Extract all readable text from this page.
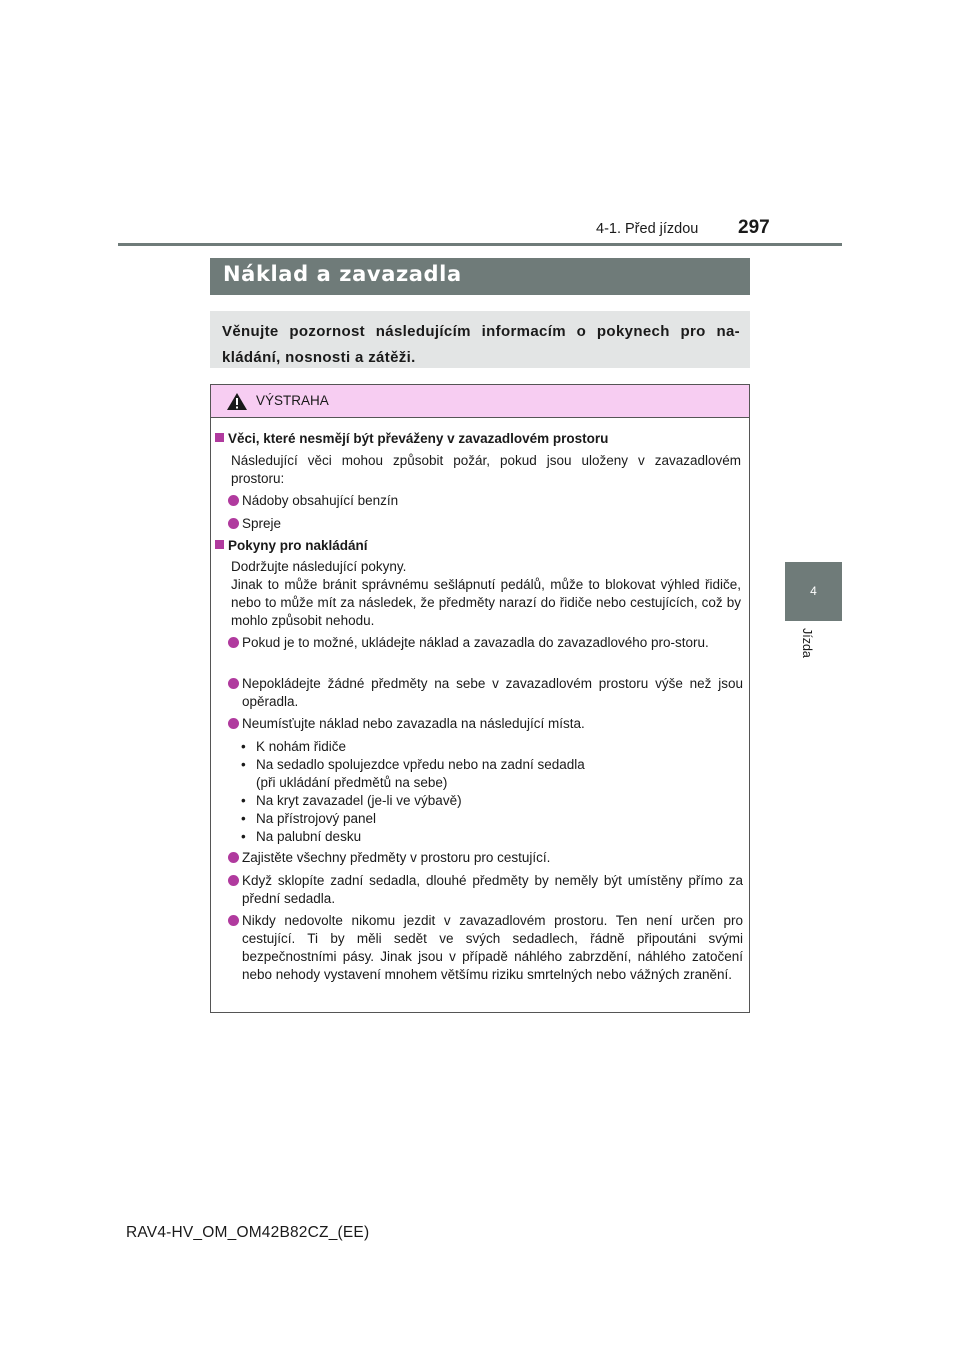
297
4-1. Před jízdou
4
Jízda
Náklad a zavazadla
Věnujte pozornost následujícím informacím o pokynech pro na-kládání, nosnosti a zátěži.
VÝSTRAHA
Věci, které nesmějí být převáženy v zavazadlovém prostoru
Následující věci mohou způsobit požár, pokud jsou uloženy v zavazadlovém prostoru:
Nádoby obsahující benzín
Spreje
Pokyny pro nakládání
Dodržujte následující pokyny.
Jinak to může bránit správnému sešlápnutí pedálů, může to blokovat výhled řidiče, nebo to může mít za následek, že předměty narazí do řidiče nebo cestujících, což by mohlo způsobit nehodu.
Pokud je to možné, ukládejte náklad a zavazadla do zavazadlového pro-storu.
Nepokládejte žádné předměty na sebe v zavazadlovém prostoru výše než jsou opěradla.
Neumísťujte náklad nebo zavazadla na následující místa.
• K nohám řidiče
• Na sedadlo spolujezdce vpředu nebo na zadní sedadla
(při ukládání předmětů na sebe)
• Na kryt zavazadel (je-li ve výbavě)
• Na přístrojový panel
• Na palubní desku
Zajistěte všechny předměty v prostoru pro cestující.
Když sklopíte zadní sedadla, dlouhé předměty by neměly být umístěny přímo za přední sedadla.
Nikdy nedovolte nikomu jezdit v zavazadlovém prostoru. Ten není určen pro cestující. Ti by měli sedět ve svých sedadlech, řádně připoutáni svými bezpečnostními pásy. Jinak jsou v případě náhlého zabrzdění, náhlého zatočení nebo nehody vystavení mnohem většímu riziku smrtelných nebo vážných zranění.
RAV4-HV_OM_OM42B82CZ_(EE)
